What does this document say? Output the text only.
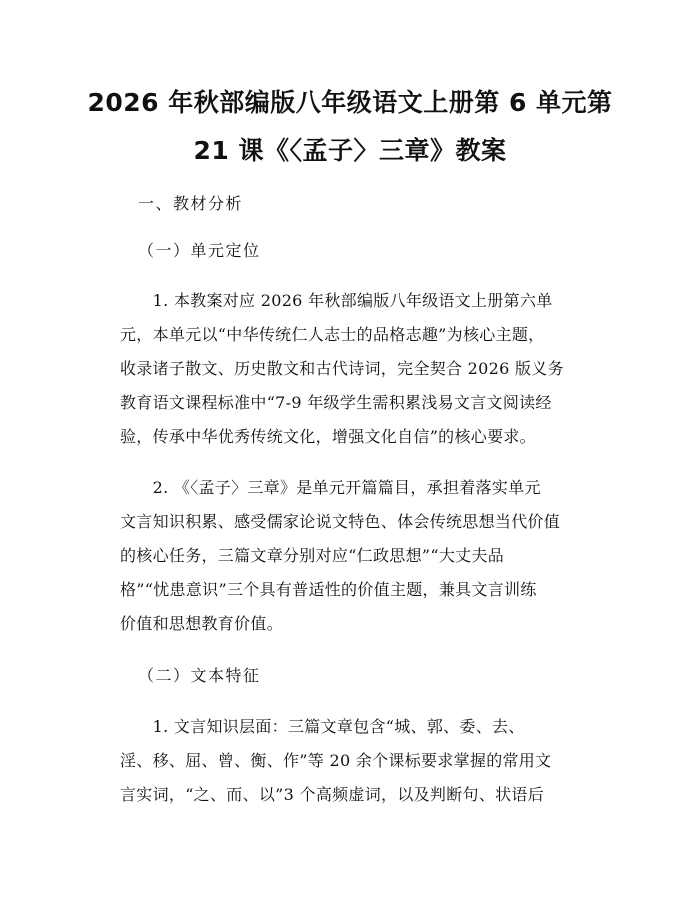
2026 年秋部编版八年级语文上册第 6 单元第
21 课《〈孟子〉三章》教案
一、教材分析
（一）单元定位
　　1. 本教案对应 2026 年秋部编版八年级语文上册第六单
元，本单元以“中华传统仁人志士的品格志趣”为核心主题，
收录诸子散文、历史散文和古代诗词，完全契合 2026 版义务
教育语文课程标准中“7-9 年级学生需积累浅易文言文阅读经
验，传承中华优秀传统文化，增强文化自信”的核心要求。
　　2. 《〈孟子〉三章》是单元开篇篇目，承担着落实单元
文言知识积累、感受儒家论说文特色、体会传统思想当代价值
的核心任务，三篇文章分别对应“仁政思想”“大丈夫品
格”“忧患意识”三个具有普适性的价值主题，兼具文言训练
价值和思想教育价值。
（二）文本特征
　　1. 文言知识层面：三篇文章包含“城、郭、委、去、
淫、移、屈、曾、衡、作”等 20 余个课标要求掌握的常用文
言实词，“之、而、以”3 个高频虚词，以及判断句、状语后
